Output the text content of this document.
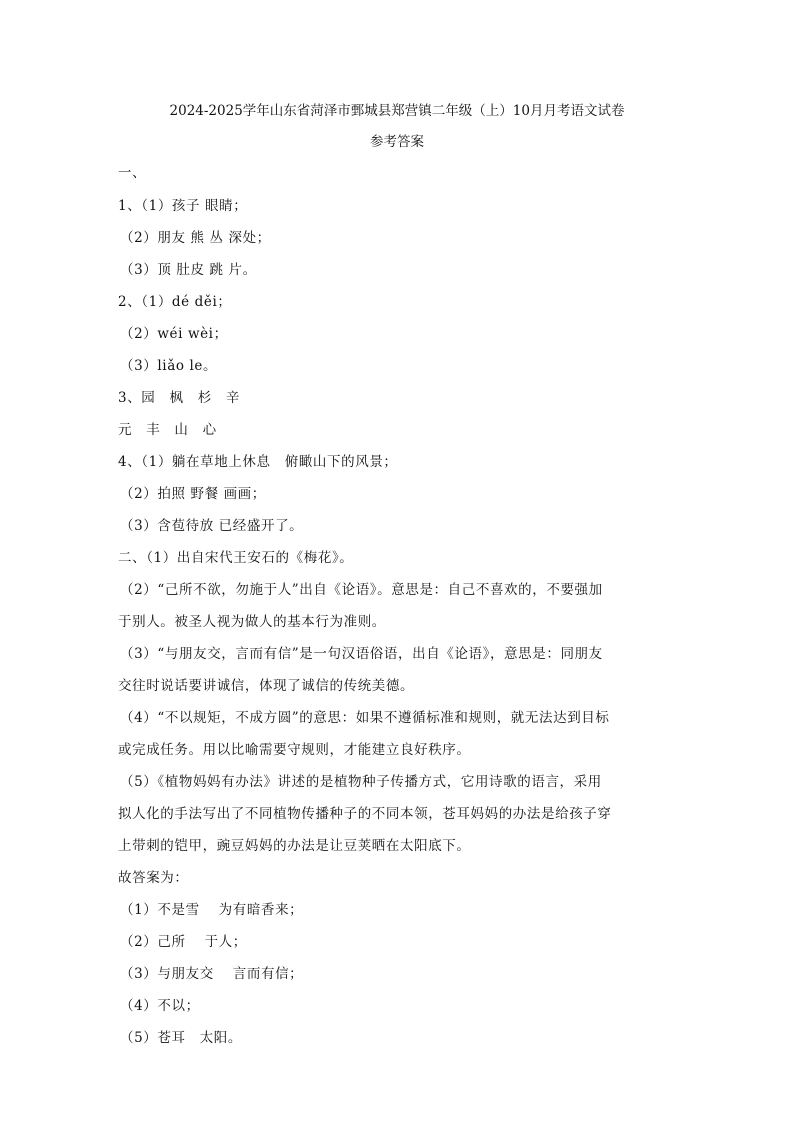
2024-2025学年山东省菏泽市鄄城县郑营镇二年级（上）10月月考语文试卷
参考答案
一、
1、（1）孩子 眼睛；
（2）朋友 熊 丛 深处；
（3）顶 肚皮 跳 片。
2、（1）dé děi；
（2）wéi wèi；
（3）liǎo le。
3、园　枫　杉　辛
元　丰　山　心
4、（1）躺在草地上休息　俯瞰山下的风景；
（2）拍照 野餐 画画；
（3）含苞待放 已经盛开了。
二、（1）出自宋代王安石的《梅花》。
（2）“己所不欲，勿施于人”出自《论语》。意思是：自己不喜欢的，不要强加
于别人。被圣人视为做人的基本行为准则。
（3）“与朋友交，言而有信”是一句汉语俗语，出自《论语》，意思是：同朋友
交往时说话要讲诚信，体现了诚信的传统美德。
（4）“不以规矩，不成方圆”的意思：如果不遵循标准和规则，就无法达到目标
或完成任务。用以比喻需要守规则，才能建立良好秩序。
（5）《植物妈妈有办法》讲述的是植物种子传播方式，它用诗歌的语言，采用
拟人化的手法写出了不同植物传播种子的不同本领，苍耳妈妈的办法是给孩子穿
上带刺的铠甲，豌豆妈妈的办法是让豆荚晒在太阳底下。
故答案为：
（1）不是雪　 为有暗香来；
（2）己所　 于人；
（3）与朋友交　 言而有信；
（4）不以；
（5）苍耳　太阳。
